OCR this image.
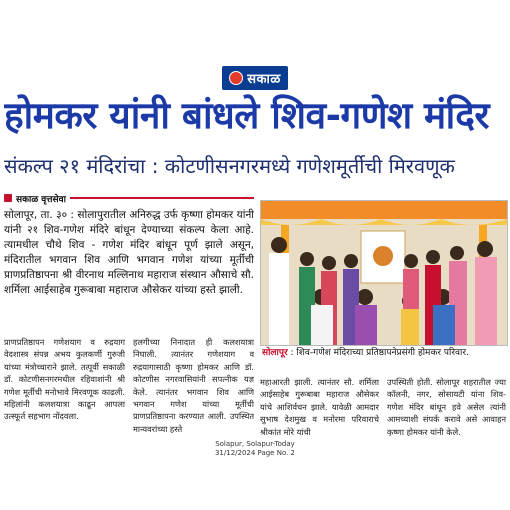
सकाळ
होमकर यांनी बांधले शिव-गणेश मंदिर
संकल्प २१ मंदिरांचा : कोटणीसनगरमध्ये गणेशमूर्तीची मिरवणूक
सकाळ वृत्तसेवा
सोलापूर, ता. ३० : सोलापुरातील अनिरुद्ध उर्फ कृष्णा होमकर यांनी यांनी २१ शिव-गणेश मंदिरे बांधून देण्याच्या संकल्प केला आहे. त्यामधील चौथे शिव - गणेश मंदिर बांधून पूर्ण झाले असून, मंदिरातील भगवान शिव आणि भगवान गणेश यांच्या मूर्तीची प्राणप्रतिष्ठापना श्री वीरनाथ मल्लिनाथ महाराज संस्थान औसाचे सौ. शर्मिला आईसाहेब गुरूबाबा महाराज औसेकर यांच्या हस्ते झाली.
सोलापूर : शिव-गणेश मंदिराच्या प्रतिष्ठापनेप्रसंगी होमकर परिवार.
प्राणप्रतिष्ठापन गणेशयाग व रुद्रयाग वेदशास्त्र संपन्न अभय कुलकर्णी गुरुजी यांच्या मंत्रोच्चाराने झाले. तत्पूर्वी सकाळी डॉ. कोटणीसनगरमधील रहिवाशांनी श्री गणेश मूर्तीची मनोभावे मिरवणूक काढली. महिलांनी कलशयात्रा काढून आपला उत्स्फूर्त सहभाग नोंदवला.
हलगीच्या निनादात ही कलशयात्रा निघाली. त्यानंतर गणेशयाग व रुद्रयागासाठी कृष्णा होमकर आणि डॉ. कोटणीस नगरवासियांनी सपत्नीक यज्ञ केले. त्यानंतर भगवान शिव आणि भगवान गणेश यांच्या मूर्तीची प्राणप्रतिष्ठापना करण्यात आली. उपस्थित मान्यवरांच्या हस्ते
महाआरती झाली. त्यानंतर सौ. शर्मिला आईसाहेब गुरूबाबा महाराज औसेकर यांचे आशिर्वचन झाले. यावेळी आमदार सुभाष देशमुख व मनोरमा परिवाराचे श्रीकांत मोरे यांची
उपस्थिती होती. सोलापूर शहरातील ज्या कॉलनी, नगर, सोसायटी यांना शिव-गणेश मंदिर बांधून हवे असेल त्यांनी आमच्याशी संपर्क करावे असे आवाहन कृष्णा होमकर यांनी केले.
Solapur, Solapur-Today
31/12/2024 Page No. 2
